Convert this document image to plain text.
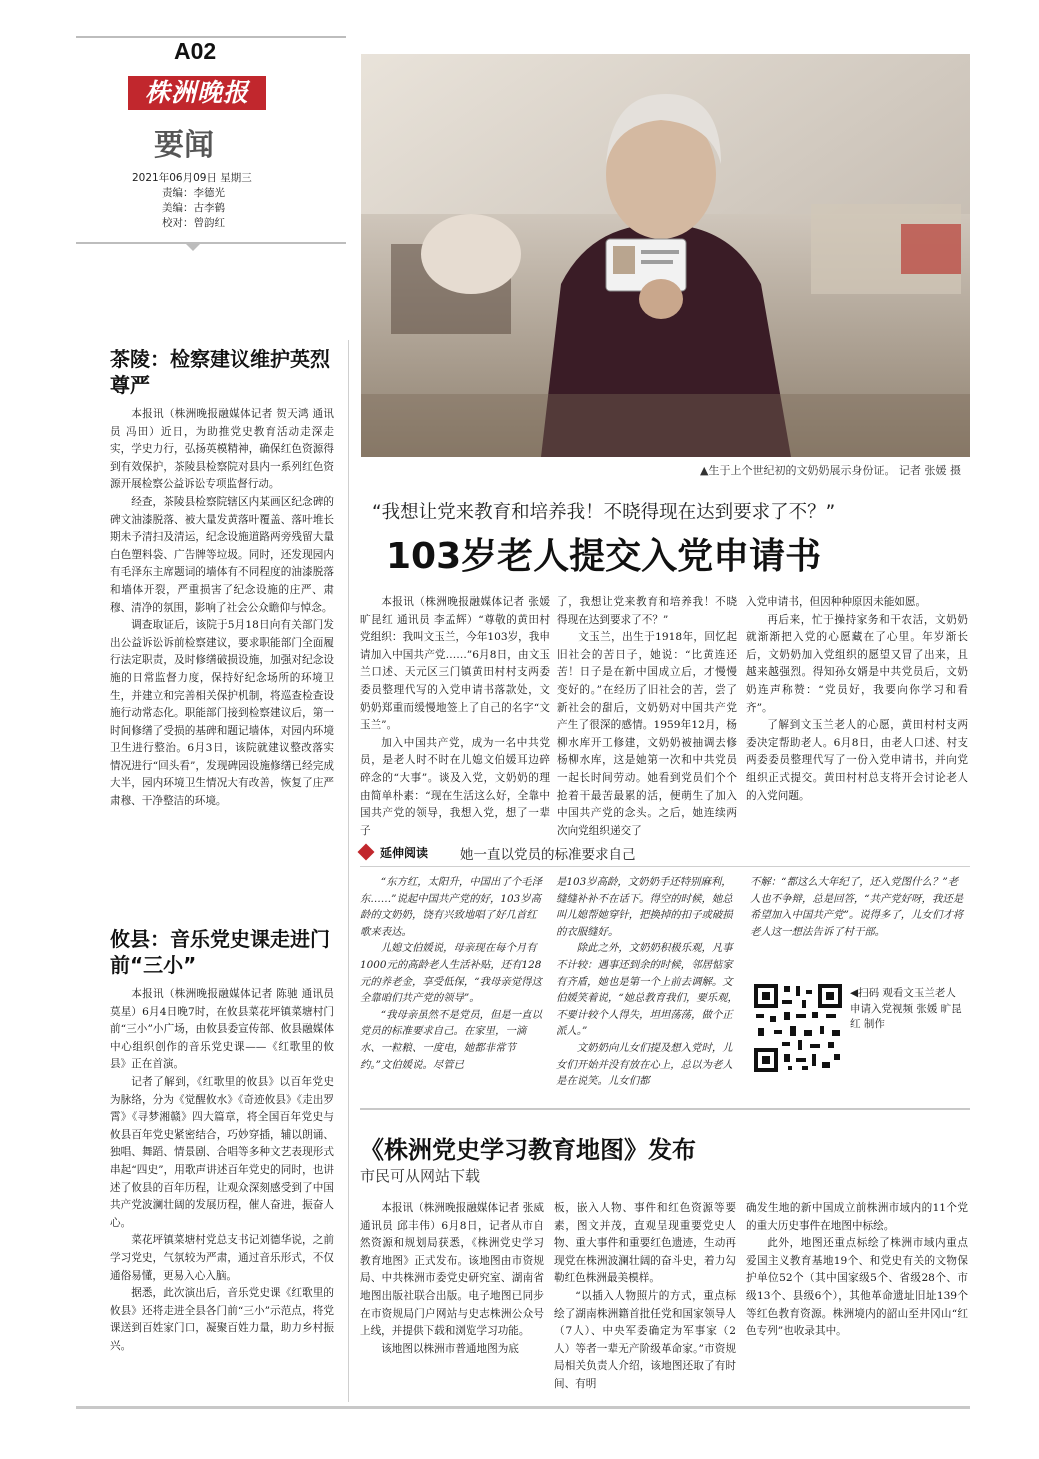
A02
株洲晚报
要闻
2021年06月09日 星期三
责编：李德光
美编：古李鹤
校对：曾韵红
茶陵：检察建议维护英烈尊严

本报讯（株洲晚报融媒体记者 贺天鸿 通讯员 冯田）近日，为助推党史教育活动走深走实，学史力行，弘扬英模精神，确保红色资源得到有效保护，茶陵县检察院对县内一系列红色资源开展检察公益诉讼专项监督行动。

经查，茶陵县检察院辖区内某画区纪念碑的碑文油漆脱落、被大量发黄落叶覆盖、落叶堆长期未予清扫及清运，纪念设施道路两旁残留大量白色塑料袋、广告牌等垃圾。同时，还发现园内有毛泽东主席题词的墙体有不同程度的油漆脱落和墙体开裂，严重损害了纪念设施的庄严、肃穆、清净的氛围，影响了社会公众瞻仰与悼念。

调查取证后，该院于5月18日向有关部门发出公益诉讼诉前检察建议，要求职能部门全面履行法定职责，及时修缮破损设施，加强对纪念设施的日常监督力度，保持好纪念场所的环境卫生，并建立和完善相关保护机制，将巡查检查设施行动常态化。职能部门接到检察建议后，第一时间修缮了受损的基碑和题记墙体，对园内环境卫生进行整治。6月3日，该院就建议整改落实情况进行“回头看”，发现碑园设施修缮已经完成大半，园内环境卫生情况大有改善，恢复了庄严肃穆、干净整洁的环境。

攸县：音乐党史课走进门前“三小”

本报讯（株洲晚报融媒体记者 陈驰 通讯员 莫星）6月4日晚7时，在攸县菜花坪镇菜塘村门前“三小”小广场，由攸县委宣传部、攸县融媒体中心组织创作的音乐党史课——《红歌里的攸县》正在首演。

记者了解到，《红歌里的攸县》以百年党史为脉络，分为《觉醒攸水》《奇迹攸县》《走出罗霄》《寻梦湘赣》四大篇章，将全国百年党史与攸县百年党史紧密结合，巧妙穿插，辅以朗诵、独唱、舞蹈、情景剧、合唱等多种文艺表现形式串起“四史”，用歌声讲述百年党史的同时，也讲述了攸县的百年历程，让观众深刻感受到了中国共产党波澜壮阔的发展历程，催人奋进，振奋人心。

菜花坪镇菜塘村党总支书记刘德华说，之前学习党史，气氛较为严肃，通过音乐形式，不仅通俗易懂，更易入心入脑。

据悉，此次演出后，音乐党史课《红歌里的攸县》还将走进全县各门前“三小”示范点，将党课送到百姓家门口，凝聚百姓力量，助力乡村振兴。

▲生于上个世纪初的文奶奶展示身份证。 记者 张媛 摄
“我想让党来教育和培养我！不晓得现在达到要求了不？”
103岁老人提交入党申请书

本报讯（株洲晚报融媒体记者 张媛 旷昆红 通讯员 李孟辉）“尊敬的黄田村党组织：我叫文玉兰，今年103岁，我申请加入中国共产党……”6月8日，由文玉兰口述、天元区三门镇黄田村村支两委委员整理代写的入党申请书落款处，文奶奶郑重而缓慢地签上了自己的名字“文玉兰”。

加入中国共产党，成为一名中共党员，是老人时不时在儿媳文伯媛耳边碎碎念的“大事”。谈及入党，文奶奶的理由简单朴素：“现在生活这么好，全靠中国共产党的领导，我想入党，想了一辈子

了，我想让党来教育和培养我！不晓得现在达到要求了不？”

文玉兰，出生于1918年，回忆起旧社会的苦日子，她说：“比黄连还苦！日子是在新中国成立后，才慢慢变好的。”在经历了旧社会的苦，尝了新社会的甜后，文奶奶对中国共产党产生了很深的感情。1959年12月，杨柳水库开工修建，文奶奶被抽调去修杨柳水库，这是她第一次和中共党员一起长时间劳动。她看到党员们个个抢着干最苦最累的活，便萌生了加入中国共产党的念头。之后，她连续两次向党组织递交了

入党申请书，但因种种原因未能如愿。

再后来，忙于操持家务和干农活，文奶奶就渐渐把入党的心愿藏在了心里。年岁渐长后，文奶奶加入党组织的愿望又冒了出来，且越来越强烈。得知孙女婿是中共党员后，文奶奶连声称赞：“党员好，我要向你学习和看齐”。

了解到文玉兰老人的心愿，黄田村村支两委决定帮助老人。6月8日，由老人口述、村支两委委员整理代写了一份入党申请书，并向党组织正式提交。黄田村村总支将开会讨论老人的入党问题。

延伸阅读 她一直以党员的标准要求自己

“东方红，太阳升，中国出了个毛泽东……”说起中国共产党的好，103岁高龄的文奶奶，饶有兴致地唱了好几首红歌来表达。

儿媳文伯媛说，母亲现在每个月有1000元的高龄老人生活补贴，还有128元的养老金，享受低保，“我母亲觉得这全靠咱们共产党的领导”。

“我母亲虽然不是党员，但是一直以党员的标准要求自己。在家里，一滴水、一粒粮、一度电，她都非常节约。”文伯媛说。尽管已

是103岁高龄，文奶奶手还特别麻利，缝缝补补不在话下。得空的时候，她总叫儿媳帮她穿针，把换掉的扣子或破损的衣服缝好。

除此之外，文奶奶积极乐观，凡事不计较：遇事还到余的时候，邻居惦家有齐盾，她也是第一个上前去调解。文伯媛笑着说，“她总教育我们，要乐观，不要计较个人得失，坦坦荡荡，做个正派人。”

文奶奶向儿女们提及想入党时，儿女们开始并没有放在心上，总以为老人是在说笑。儿女们都

不解：“都这么大年纪了，还入党图什么？”老人也不争辩，总是回答，“共产党好呀，我还是希望加入中国共产党”。说得多了，儿女们才将老人这一想法告诉了村干部。

◀扫码 观看文玉兰老人申请入党视频 张媛 旷昆红 制作
《株洲党史学习教育地图》发布
市民可从网站下载

本报讯（株洲晚报融媒体记者 张威 通讯员 邱丰伟）6月8日，记者从市自然资源和规划局获悉，《株洲党史学习教育地图》正式发布。该地图由市资规局、中共株洲市委党史研究室、湖南省地图出版社联合出版。电子地图已同步在市资规局门户网站与史志株洲公众号上线，并提供下载和浏览学习功能。

该地图以株洲市普通地图为底

板，嵌入人物、事件和红色资源等要素，图文并茂，直观呈现重要党史人物、重大事件和重要红色遗迹，生动再现党在株洲波澜壮阔的奋斗史，着力勾勒红色株洲最美模样。

“以插入人物照片的方式，重点标绘了湖南株洲籍首批任党和国家领导人（7人）、中央军委确定为军事家（2人）等者一辈无产阶级革命家。”市资规局相关负责人介绍，该地图还取了有时间、有明

确发生地的新中国成立前株洲市域内的11个党的重大历史事件在地图中标绘。

此外，地图还重点标绘了株洲市域内重点爱国主义教育基地19个、和党史有关的文物保护单位52个（其中国家级5个、省级28个、市级13个、县级6个），其他革命遗址旧址139个等红色教育资源。株洲境内的韶山至井冈山“红色专列”也收录其中。
